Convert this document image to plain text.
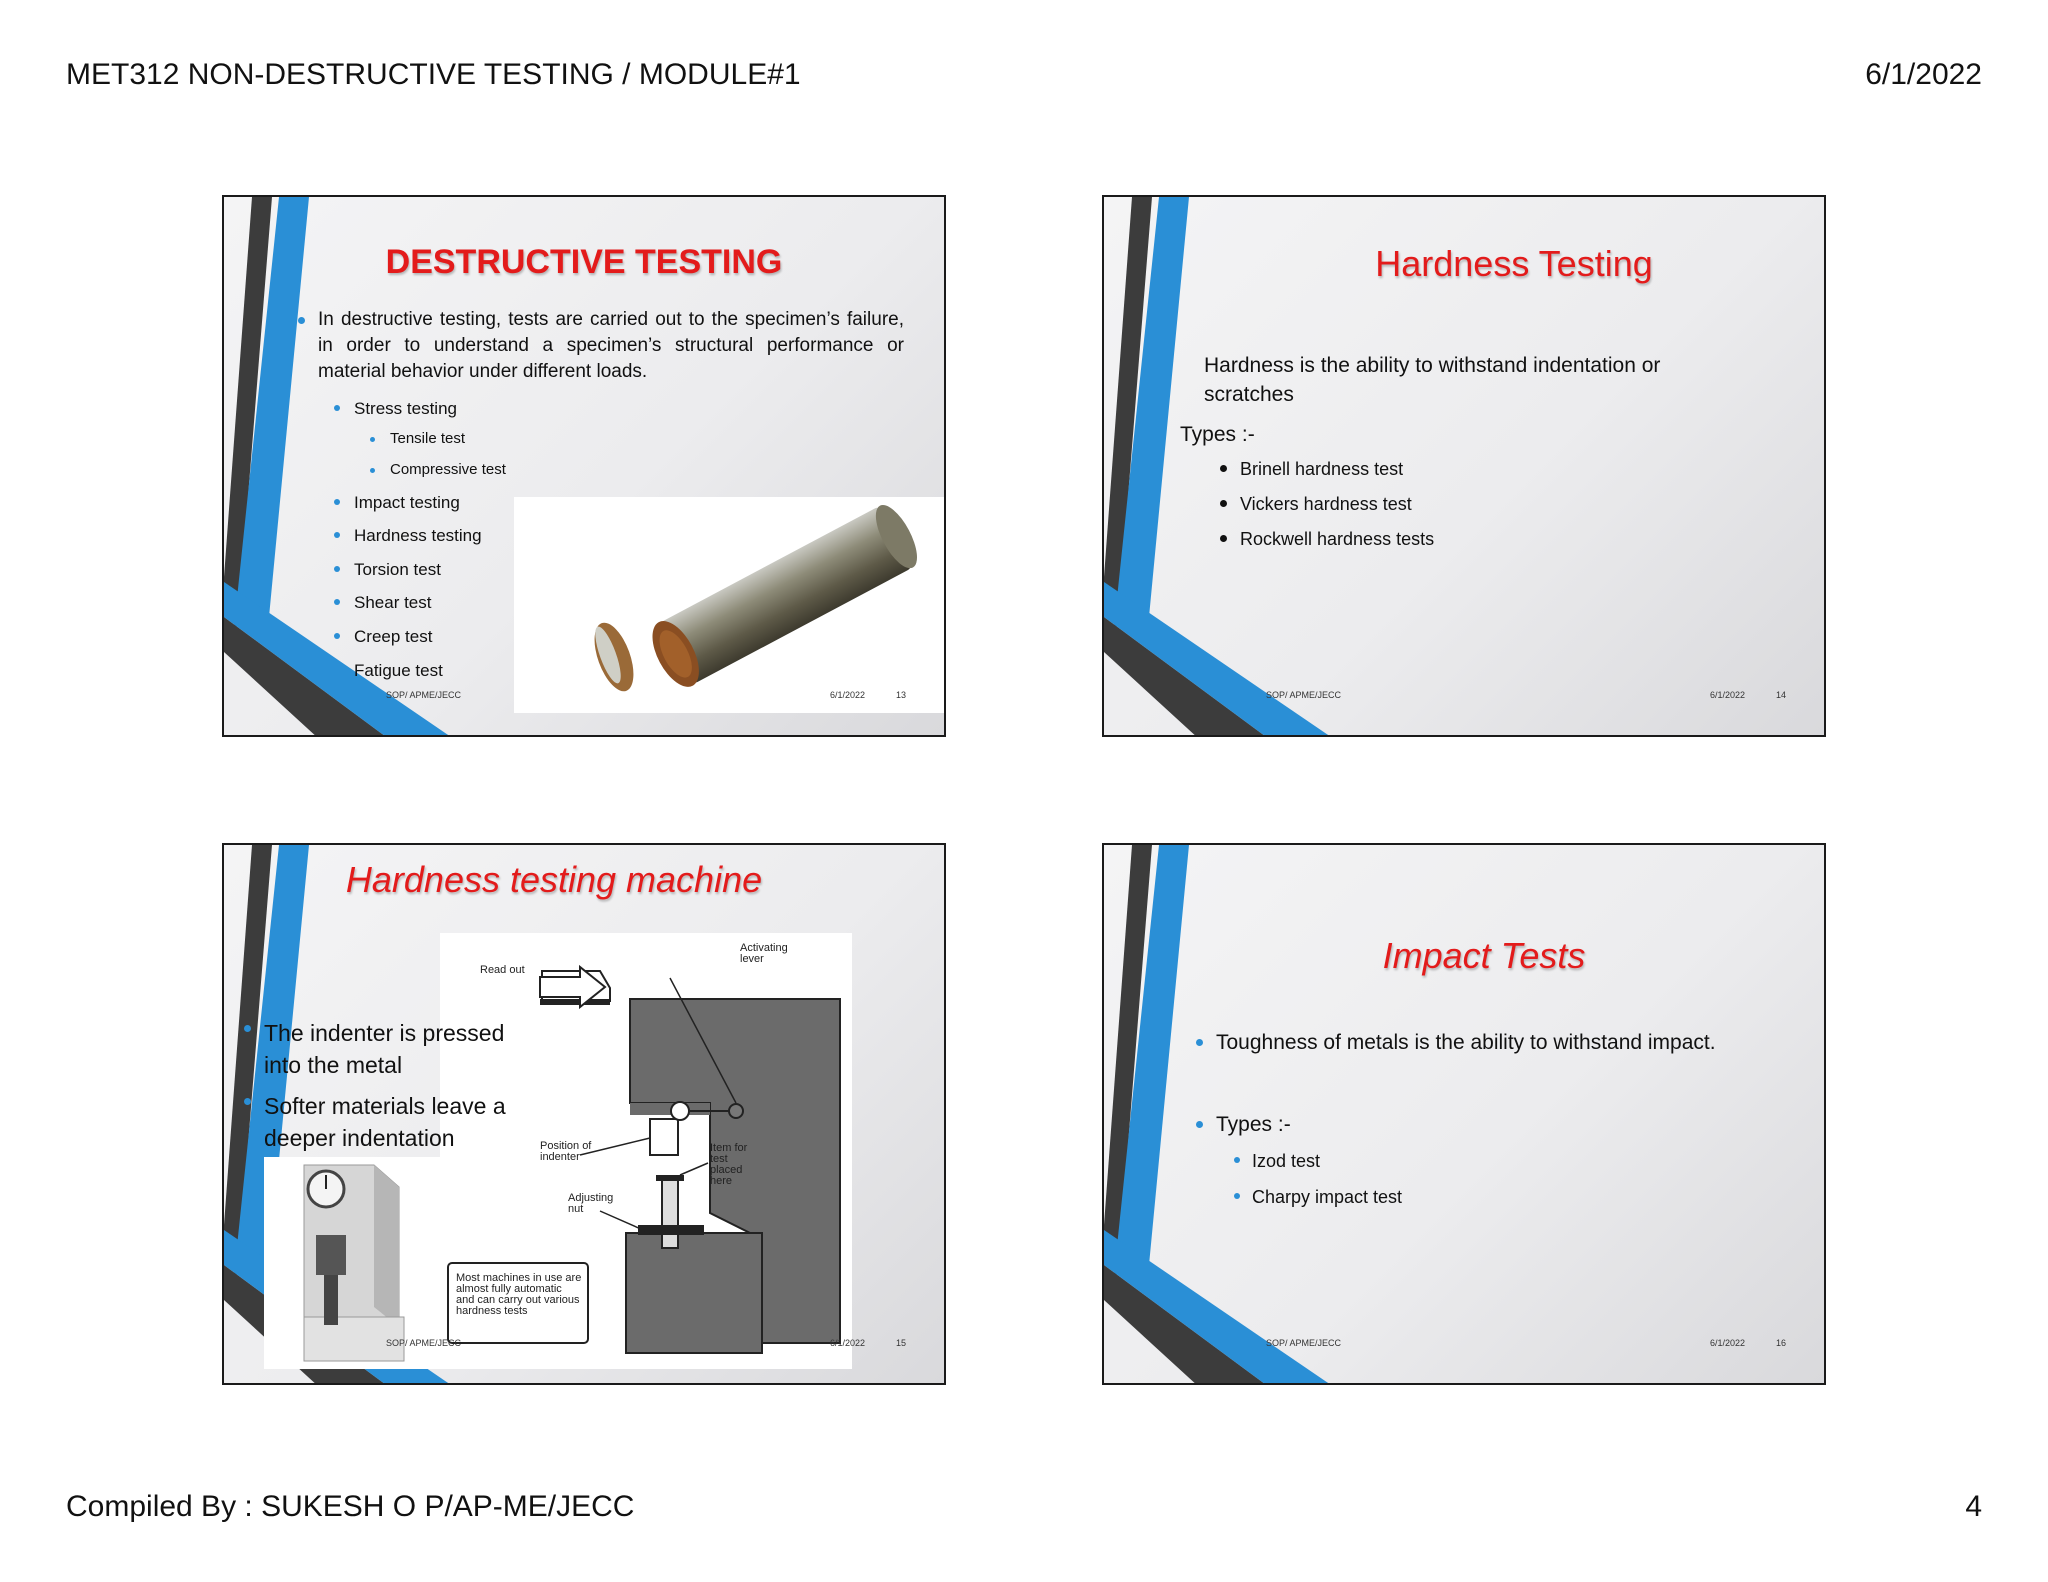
MET312 NON-DESTRUCTIVE TESTING / MODULE#1	6/1/2022
Compiled By : SUKESH O P/AP-ME/JECC	4
DESTRUCTIVE TESTING
In destructive testing, tests are carried out to the specimen’s failure, in order to understand a specimen’s structural performance or material behavior under different loads.
Stress testing
Tensile test
Compressive test
Impact testing
Hardness testing
Torsion test
Shear test
Creep test
Fatigue test
SOP/ APME/JECC	6/1/2022	13
Hardness Testing
Hardness is the ability to withstand indentation or scratches
Types :-
Brinell hardness test
Vickers hardness test
Rockwell hardness tests
SOP/ APME/JECC	6/1/2022	14
Hardness testing machine
Read out
Activating lever
Position of indenter
Item for test placed here
Adjusting nut
Most machines in use are almost fully automatic and can carry out various hardness tests
The indenter is pressed into the metal
Softer materials leave a deeper indentation
SOP/ APME/JECC	6/1/2022	15
Impact Tests
Toughness of metals is the ability to withstand impact.
Types :-
Izod test
Charpy impact test
SOP/ APME/JECC	6/1/2022	16
